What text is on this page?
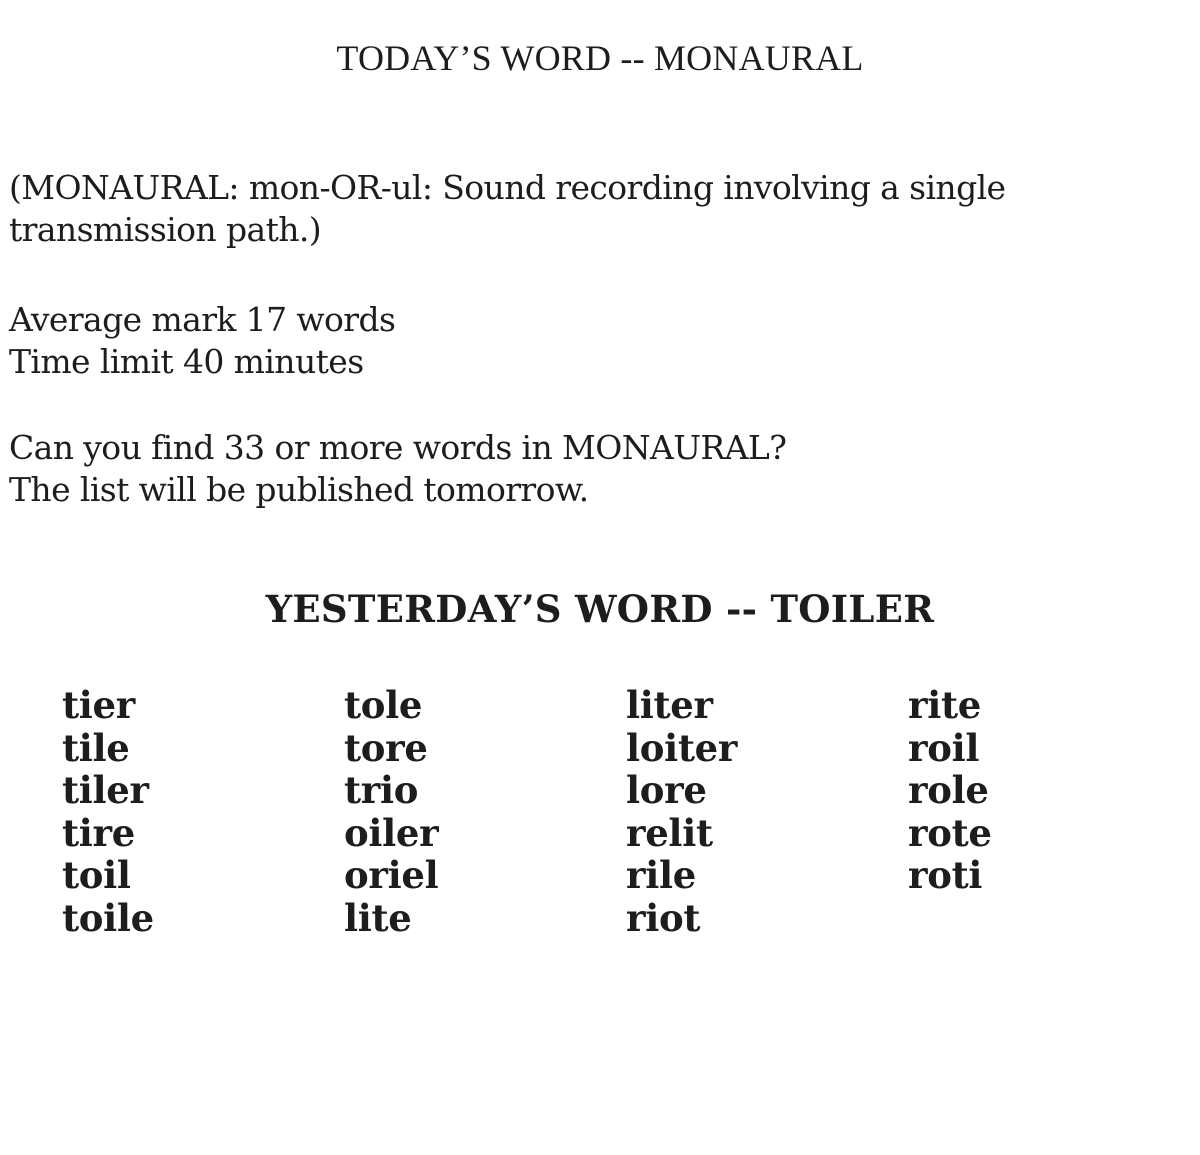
TODAY’S WORD -- MONAURAL
(MONAURAL: mon-OR-ul: Sound recording involving a single
transmission path.)
Average mark 17 words
Time limit 40 minutes
Can you find 33 or more words in MONAURAL?
The list will be published tomorrow.
YESTERDAY’S WORD -- TOILER
tier
tile
tiler
tire
toil
toile
tole
tore
trio
oiler
oriel
lite
liter
loiter
lore
relit
rile
riot
rite
roil
role
rote
roti
